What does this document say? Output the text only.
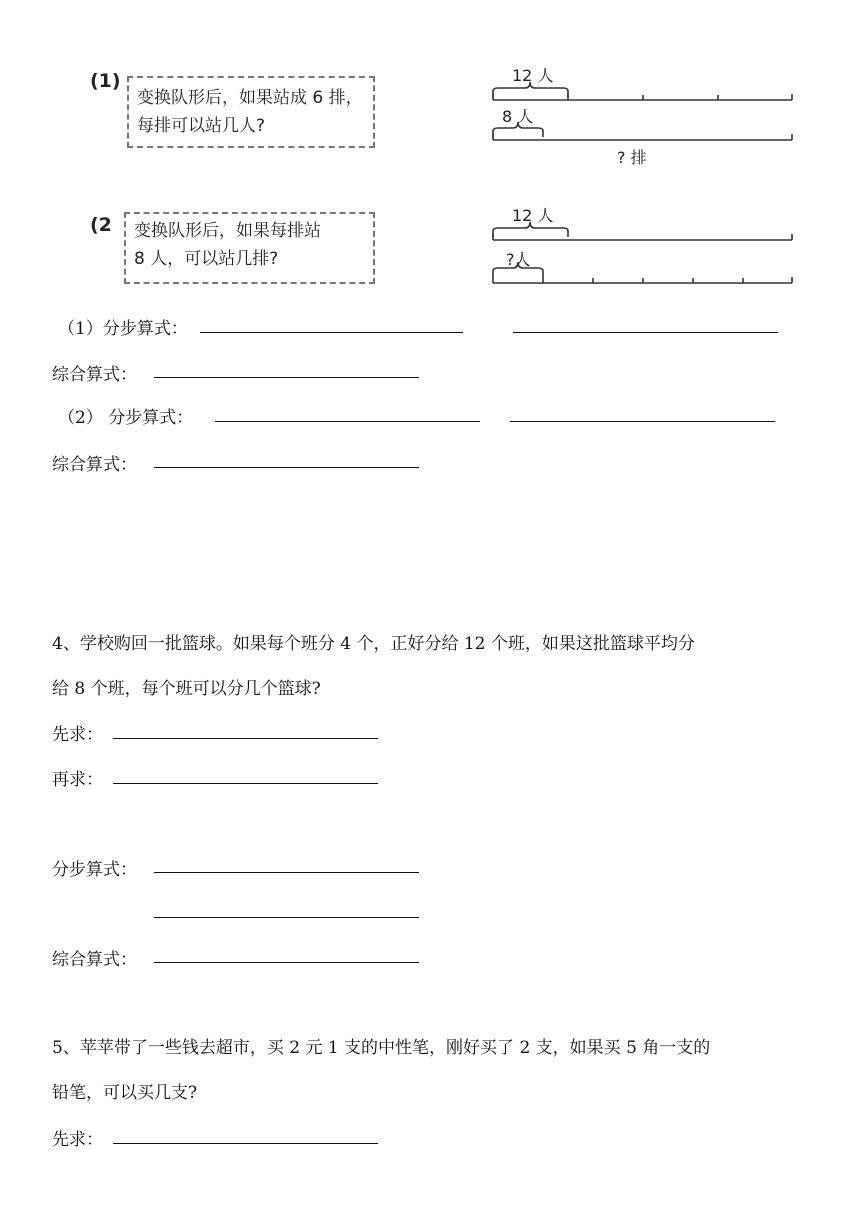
(1)
变换队形后，如果站成 6 排，
每排可以站几人?
12 人
8 人
? 排
(2 变换队形后，如果每排站
8 人，可以站几排?
12 人
?人
（1）分步算式：
综合算式：
（2） 分步算式：
综合算式：
4、学校购回一批篮球。如果每个班分 4 个，正好分给 12 个班，如果这批篮球平均分
给 8 个班，每个班可以分几个篮球?
先求：
再求：
分步算式：
综合算式：
5、苹苹带了一些钱去超市，买 2 元 1 支的中性笔，刚好买了 2 支，如果买 5 角一支的
铅笔，可以买几支?
先求：
